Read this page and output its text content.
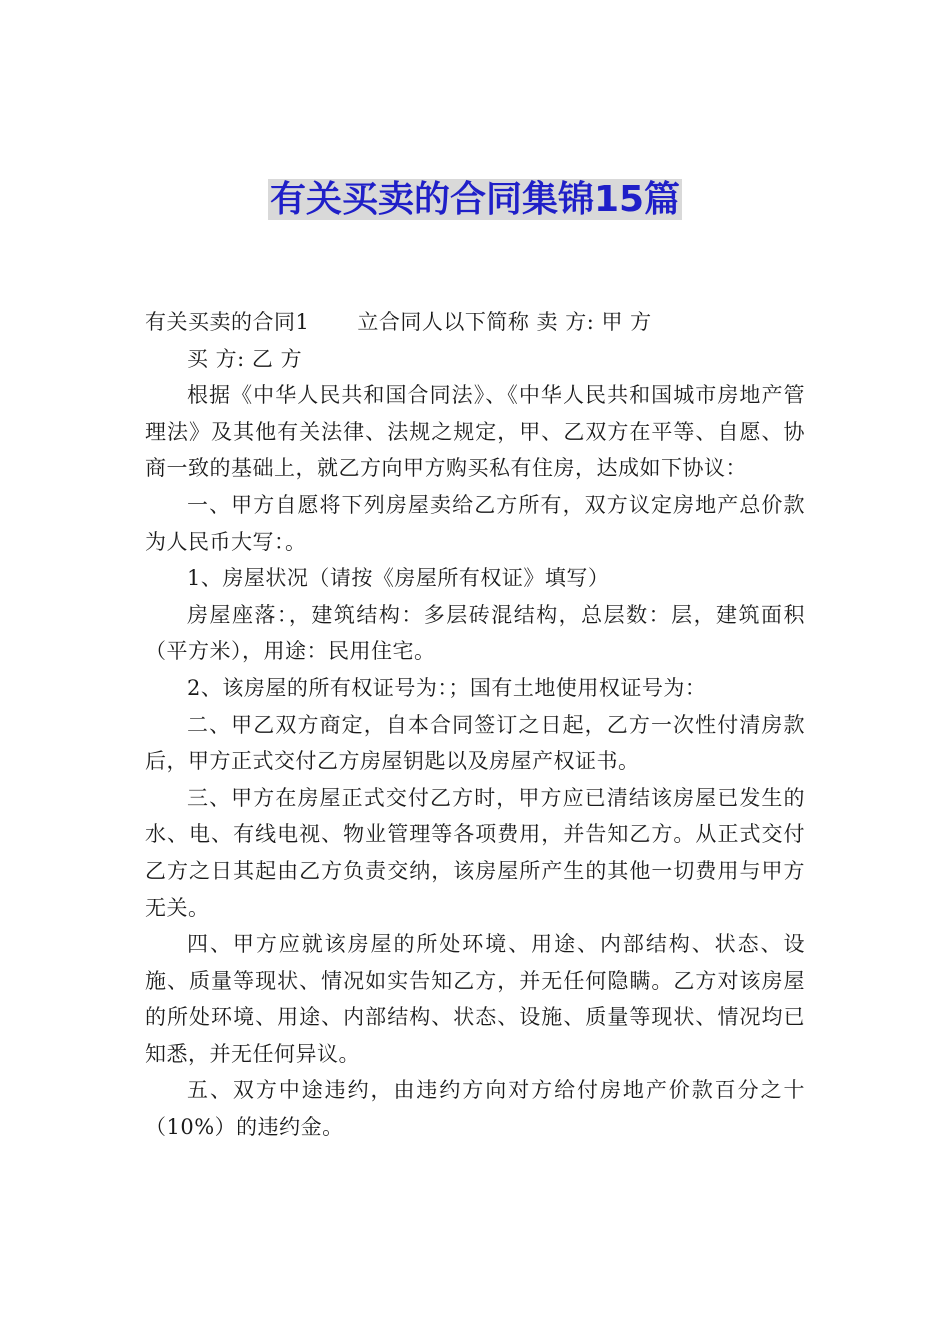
有关买卖的合同集锦15篇

有关买卖的合同1 立合同人以下简称 卖 方: 甲 方

买 方: 乙 方

根据《中华人民共和国合同法》、《中华人民共和国城市房地产管理法》及其他有关法律、法规之规定，甲、乙双方在平等、自愿、协商一致的基础上，就乙方向甲方购买私有住房，达成如下协议：

一、甲方自愿将下列房屋卖给乙方所有，双方议定房地产总价款为人民币大写：。

1、房屋状况（请按《房屋所有权证》填写）

房屋座落：，建筑结构：多层砖混结构，总层数：层，建筑面积（平方米），用途：民用住宅。

2、该房屋的所有权证号为：；国有土地使用权证号为：

二、甲乙双方商定，自本合同签订之日起，乙方一次性付清房款后，甲方正式交付乙方房屋钥匙以及房屋产权证书。

三、甲方在房屋正式交付乙方时，甲方应已清结该房屋已发生的水、电、有线电视、物业管理等各项费用，并告知乙方。从正式交付乙方之日其起由乙方负责交纳，该房屋所产生的其他一切费用与甲方无关。

四、甲方应就该房屋的所处环境、用途、内部结构、状态、设施、质量等现状、情况如实告知乙方，并无任何隐瞒。乙方对该房屋的所处环境、用途、内部结构、状态、设施、质量等现状、情况均已知悉，并无任何异议。

五、双方中途违约，由违约方向对方给付房地产价款百分之十（10%）的违约金。
